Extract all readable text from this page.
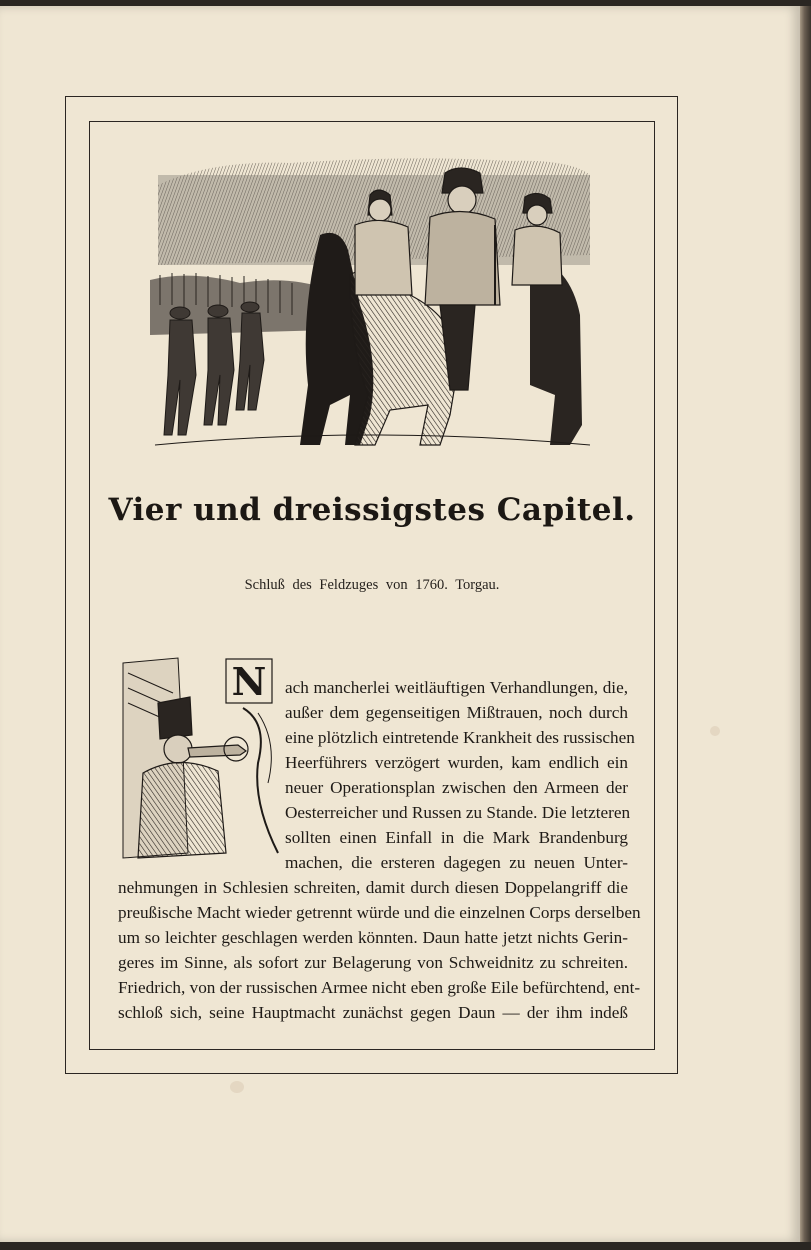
Vier und dreissigstes Capitel.
Schluß des Feldzuges von 1760. Torgau.
N ach mancherlei weitläuftigen Verhandlungen, die,
außer dem gegenseitigen Mißtrauen, noch durch
eine plötzlich eintretende Krankheit des russischen
Heerführers verzögert wurden, kam endlich ein
neuer Operationsplan zwischen den Armeen der
Oesterreicher und Russen zu Stande. Die letzteren
sollten einen Einfall in die Mark Brandenburg
machen, die ersteren dagegen zu neuen Unter-
nehmungen in Schlesien schreiten, damit durch diesen Doppelangriff die
preußische Macht wieder getrennt würde und die einzelnen Corps derselben
um so leichter geschlagen werden könnten. Daun hatte jetzt nichts Gerin-
geres im Sinne, als sofort zur Belagerung von Schweidnitz zu schreiten.
Friedrich, von der russischen Armee nicht eben große Eile befürchtend, ent-
schloß sich, seine Hauptmacht zunächst gegen Daun — der ihm indeß
